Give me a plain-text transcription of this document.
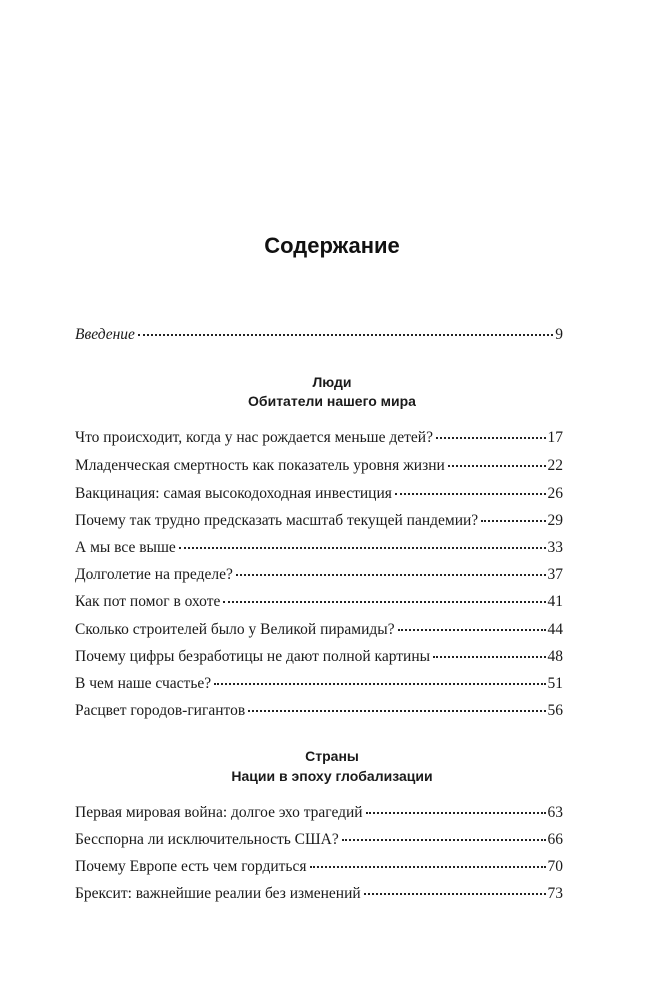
Содержание
Введение	9
Люди
Обитатели нашего мира
Что происходит, когда у нас рождается меньше детей?	17
Младенческая смертность как показатель уровня жизни	22
Вакцинация: самая высокодоходная инвестиция	26
Почему так трудно предсказать масштаб текущей пандемии?	29
А мы все выше	33
Долголетие на пределе?	37
Как пот помог в охоте	41
Сколько строителей было у Великой пирамиды?	44
Почему цифры безработицы не дают полной картины	48
В чем наше счастье?	51
Расцвет городов-гигантов	56
Страны
Нации в эпоху глобализации
Первая мировая война: долгое эхо трагедий	63
Бесспорна ли исключительность США?	66
Почему Европе есть чем гордиться	70
Брексит: важнейшие реалии без изменений	73
